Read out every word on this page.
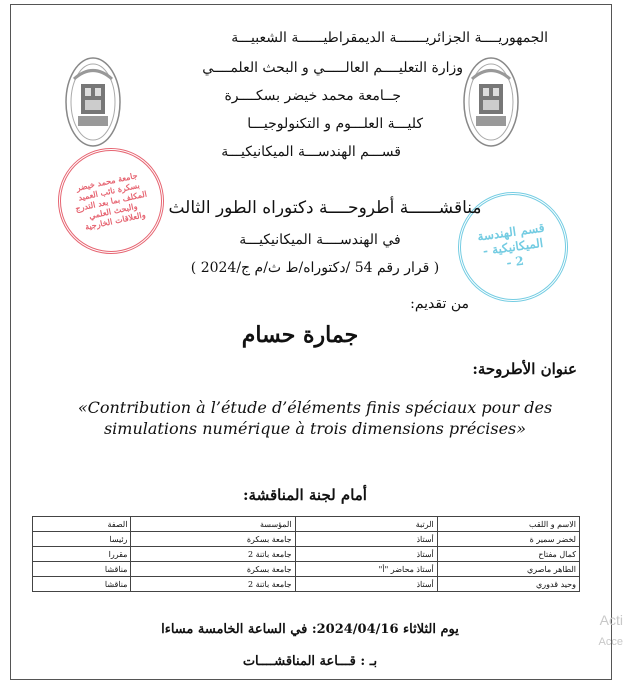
الجمهوريــــة الجزائريـــــــة الديمقراطيــــــة الشعبيـــة
وزارة التعليــــم العالـــــي و البحث العلمــــي
جــامعة محمد خيضر بسكــــرة
كليـــة العلـــوم و التكنولوجيـــا
قســـم الهندســـة الميكانيكيـــة
جامعة محمد خيضر بسكرة نائب العميد المكلف بما بعد التدرج والبحث العلمي والعلاقات الخارجية	قسم الهندسة الميكانيكية - 2 -
مناقشــــــة أطروحــــة دكتوراه الطور الثالث
في الهندســــة الميكانيكيـــة
( قرار رقم 54 /دكتوراه/ط ث/م ج/2024 )
من تقديم:
جمارة حسام
عنوان الأطروحة:
«Contribution à l’étude d’éléments finis spéciaux pour des simulations numérique à trois dimensions précises»
أمام لجنة المناقشة:
الاسم و اللقب	الرتبة	المؤسسة	الصفة
لخضر سمير ة	أستاذ	جامعة بسكرة	رئيسا
كمال مفتاح	أستاذ	جامعة باتنة 2	مقررا
الطاهر ماصري	أستاذ محاضر "أ"	جامعة بسكرة	مناقشا
وحيد قدوري	أستاذ	جامعة باتنة 2	مناقشا
يوم الثلاثاء 2024/04/16: في الساعة الخامسة مساءا
بـ : قـــاعة المناقشــــات
Acti
Acce
